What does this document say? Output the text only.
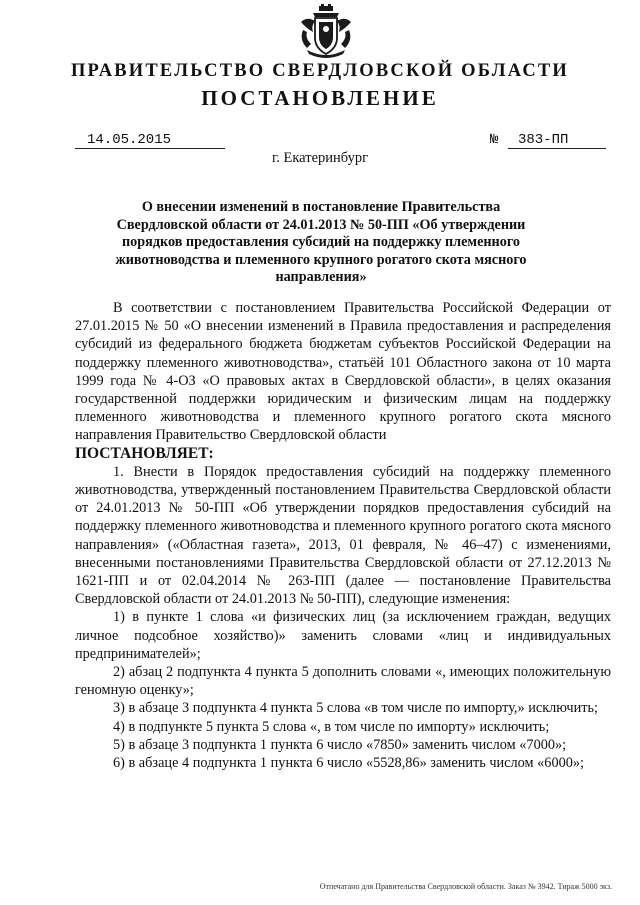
ПРАВИТЕЛЬСТВО СВЕРДЛОВСКОЙ ОБЛАСТИ
ПОСТАНОВЛЕНИЕ
14.05.2015	№	383-ПП
г. Екатеринбург
О внесении изменений в постановление Правительства Свердловской области от 24.01.2013 № 50-ПП «Об утверждении порядков предоставления субсидий на поддержку племенного животноводства и племенного крупного рогатого скота мясного направления»

В соответствии с постановлением Правительства Российской Федерации от 27.01.2015 № 50 «О внесении изменений в Правила предоставления и распределения субсидий из федерального бюджета бюджетам субъектов Российской Федерации на поддержку племенного животноводства», статьёй 101 Областного закона от 10 марта 1999 года № 4-ОЗ «О правовых актах в Свердловской области», в целях оказания государственной поддержки юридическим и физическим лицам на поддержку племенного животноводства и племенного крупного рогатого скота мясного направления Правительство Свердловской области

ПОСТАНОВЛЯЕТ:

1. Внести в Порядок предоставления субсидий на поддержку племенного животноводства, утвержденный постановлением Правительства Свердловской области от 24.01.2013 № 50-ПП «Об утверждении порядков предоставления субсидий на поддержку племенного животноводства и племенного крупного рогатого скота мясного направления» («Областная газета», 2013, 01 февраля, № 46–47) с изменениями, внесенными постановлениями Правительства Свердловской области от 27.12.2013 № 1621-ПП и от 02.04.2014 № 263-ПП (далее — постановление Правительства Свердловской области от 24.01.2013 № 50-ПП), следующие изменения:

1) в пункте 1 слова «и физических лиц (за исключением граждан, ведущих личное подсобное хозяйство)» заменить словами «лиц и индивидуальных предпринимателей»;

2) абзац 2 подпункта 4 пункта 5 дополнить словами «, имеющих положительную геномную оценку»;

3) в абзаце 3 подпункта 4 пункта 5 слова «в том числе по импорту,» исключить;

4) в подпункте 5 пункта 5 слова «, в том числе по импорту» исключить;

5) в абзаце 3 подпункта 1 пункта 6 число «7850» заменить числом «7000»;

6) в абзаце 4 подпункта 1 пункта 6 число «5528,86» заменить числом «6000»;

Отпечатано для Правительства Свердловской области. Заказ № 3942. Тираж 5000 экз.
